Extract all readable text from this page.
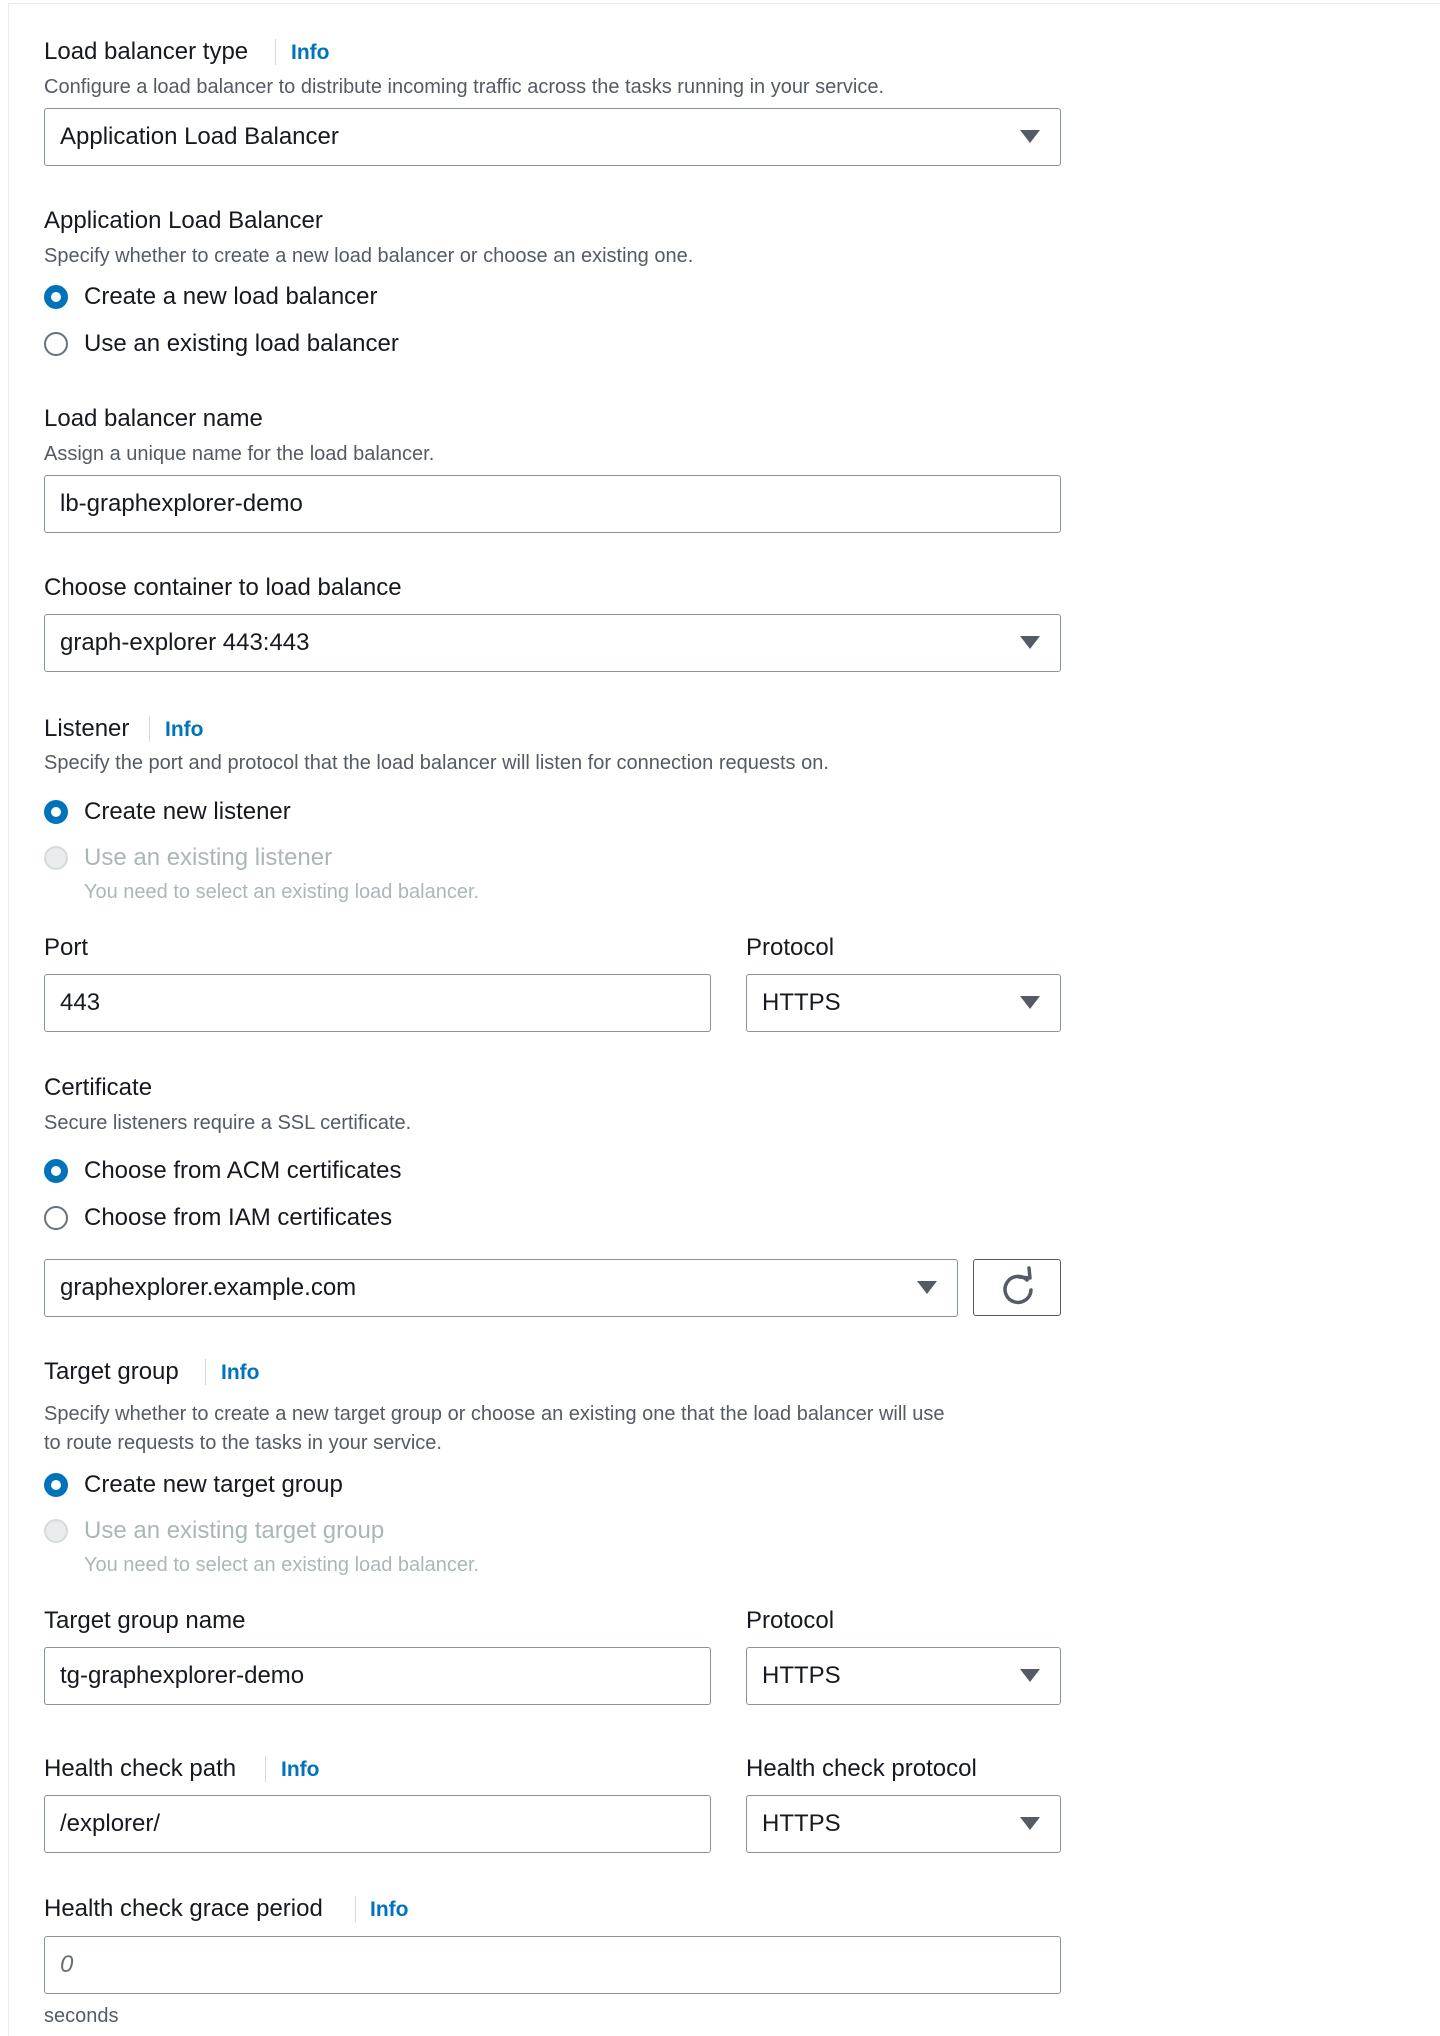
Load balancer type Info
Configure a load balancer to distribute incoming traffic across the tasks running in your service.
Application Load Balancer
Application Load Balancer
Specify whether to create a new load balancer or choose an existing one.
Create a new load balancer
Use an existing load balancer
Load balancer name
Assign a unique name for the load balancer.
lb-graphexplorer-demo
Choose container to load balance
graph-explorer 443:443
Listener Info
Specify the port and protocol that the load balancer will listen for connection requests on.
Create new listener
Use an existing listener
You need to select an existing load balancer.
Port
443
Protocol
HTTPS
Certificate
Secure listeners require a SSL certificate.
Choose from ACM certificates
Choose from IAM certificates
graphexplorer.example.com
Target group Info
Specify whether to create a new target group or choose an existing one that the load balancer will use
to route requests to the tasks in your service.
Create new target group
Use an existing target group
You need to select an existing load balancer.
Target group name
tg-graphexplorer-demo
Protocol
HTTPS
Health check path Info
/explorer/
Health check protocol
HTTPS
Health check grace period Info
0
seconds
